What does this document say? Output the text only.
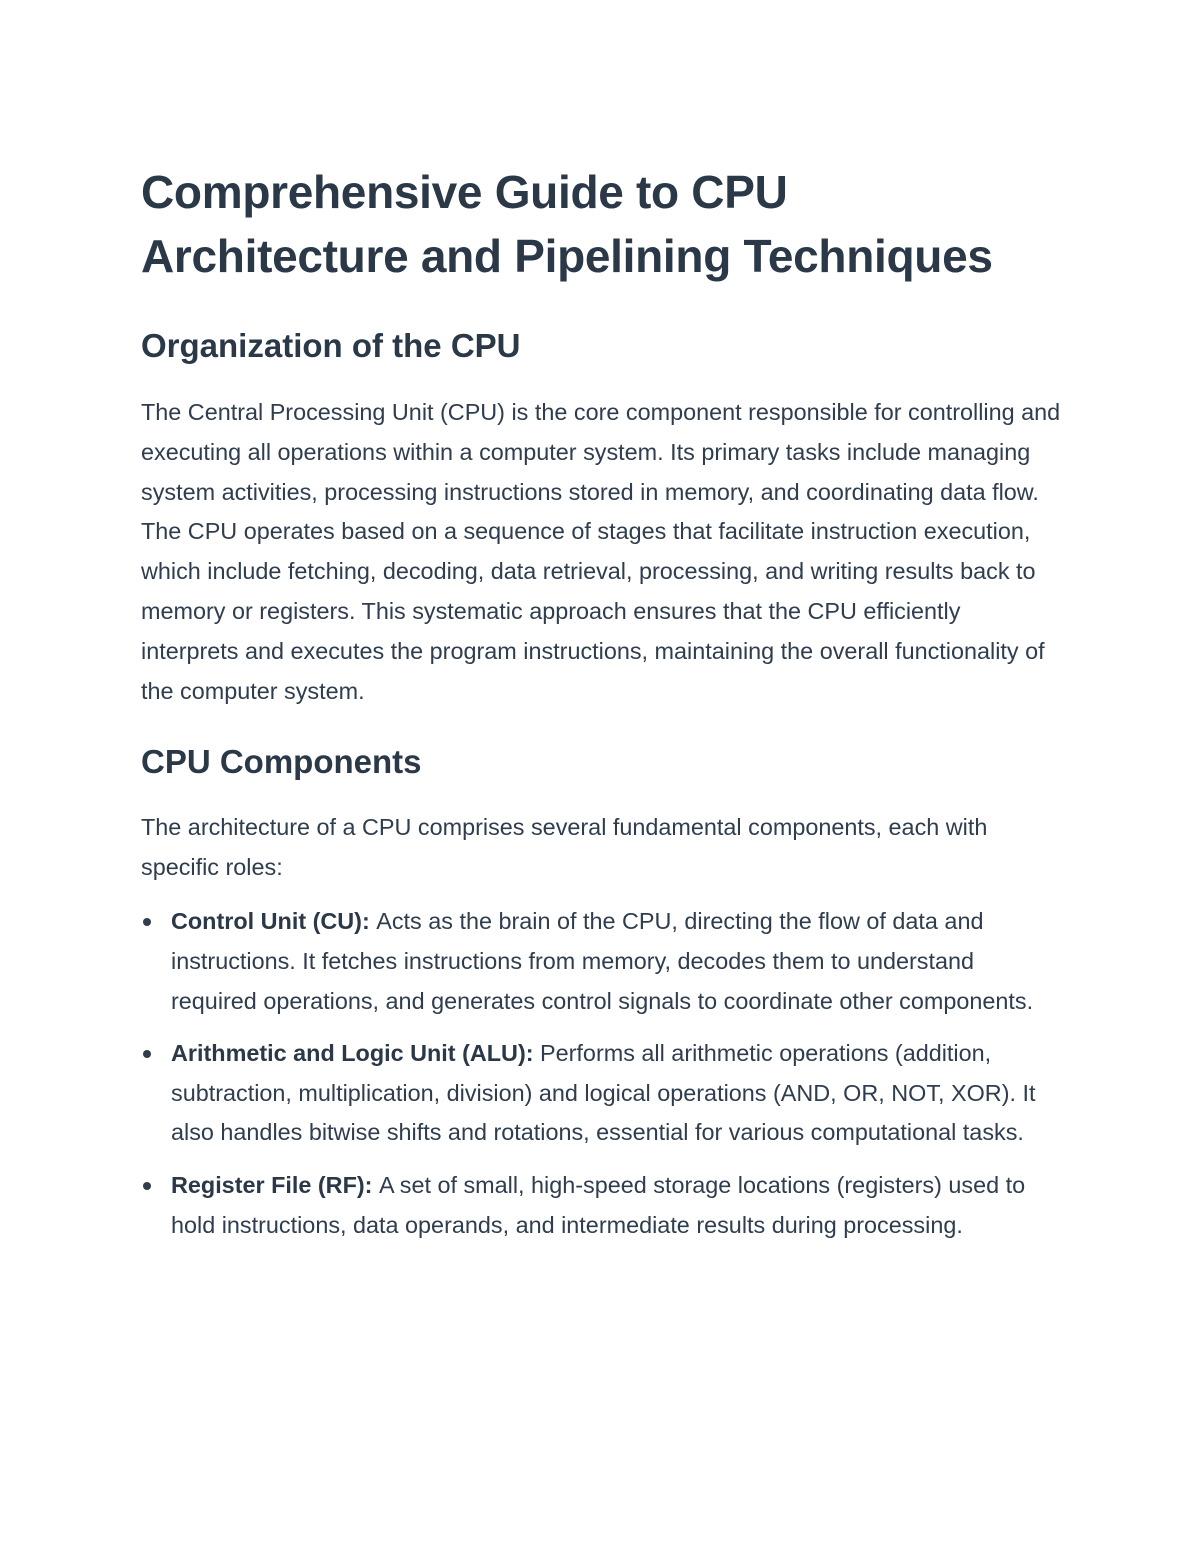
Comprehensive Guide to CPU Architecture and Pipelining Techniques
Organization of the CPU

The Central Processing Unit (CPU) is the core component responsible for controlling and executing all operations within a computer system. Its primary tasks include managing system activities, processing instructions stored in memory, and coordinating data flow. The CPU operates based on a sequence of stages that facilitate instruction execution, which include fetching, decoding, data retrieval, processing, and writing results back to memory or registers. This systematic approach ensures that the CPU efficiently interprets and executes the program instructions, maintaining the overall functionality of the computer system.

CPU Components

The architecture of a CPU comprises several fundamental components, each with specific roles:

Control Unit (CU): Acts as the brain of the CPU, directing the flow of data and instructions. It fetches instructions from memory, decodes them to understand required operations, and generates control signals to coordinate other components.
Arithmetic and Logic Unit (ALU): Performs all arithmetic operations (addition, subtraction, multiplication, division) and logical operations (AND, OR, NOT, XOR). It also handles bitwise shifts and rotations, essential for various computational tasks.
Register File (RF): A set of small, high-speed storage locations (registers) used to hold instructions, data operands, and intermediate results during processing.
